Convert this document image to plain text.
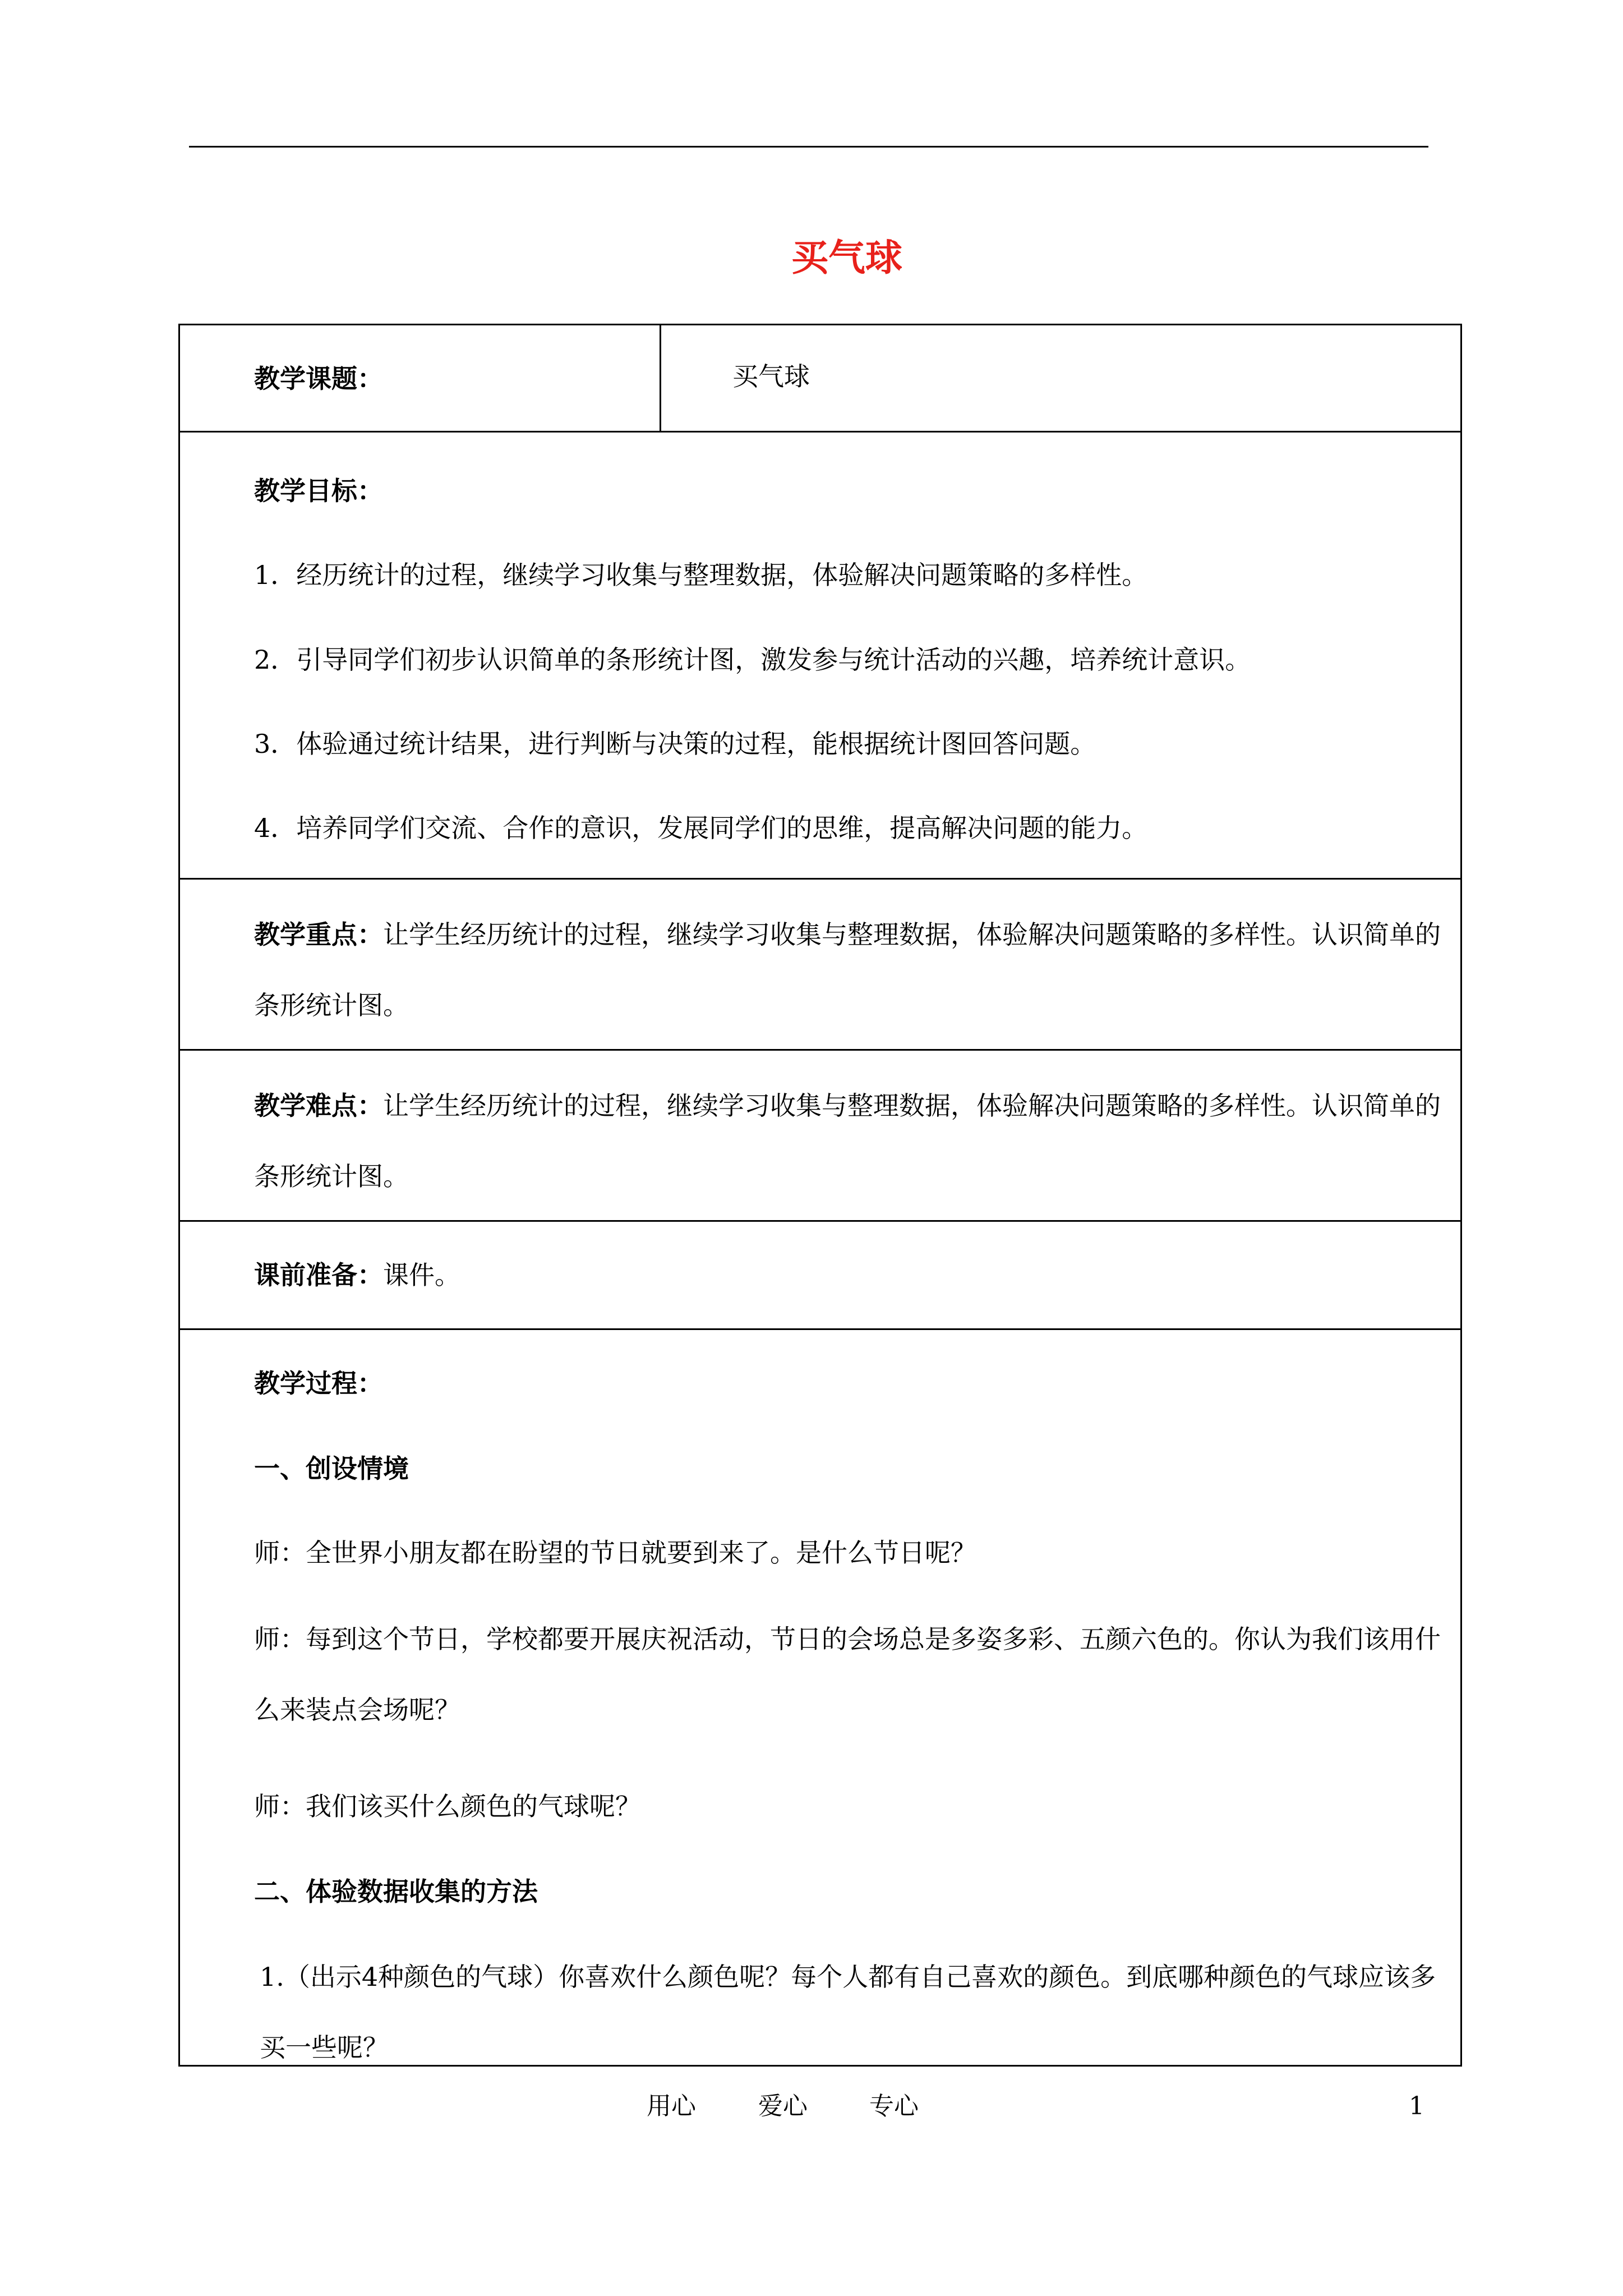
买气球
教学课题：	买气球
教学目标：
1．经历统计的过程，继续学习收集与整理数据，体验解决问题策略的多样性。
2．引导同学们初步认识简单的条形统计图，激发参与统计活动的兴趣，培养统计意识。
3．体验通过统计结果，进行判断与决策的过程，能根据统计图回答问题。
4．培养同学们交流、合作的意识，发展同学们的思维，提高解决问题的能力。
教学重点：让学生经历统计的过程，继续学习收集与整理数据，体验解决问题策略的多样性。认识简单的条形统计图。
教学难点：让学生经历统计的过程，继续学习收集与整理数据，体验解决问题策略的多样性。认识简单的条形统计图。
课前准备：课件。
教学过程：
一、创设情境
师：全世界小朋友都在盼望的节日就要到来了。是什么节日呢？
师：每到这个节日，学校都要开展庆祝活动，节日的会场总是多姿多彩、五颜六色的。你认为我们该用什么来装点会场呢？
师：我们该买什么颜色的气球呢？
二、体验数据收集的方法
1.（出示4种颜色的气球）你喜欢什么颜色呢？每个人都有自己喜欢的颜色。到底哪种颜色的气球应该多买一些呢？
用心	爱心	专心	1
